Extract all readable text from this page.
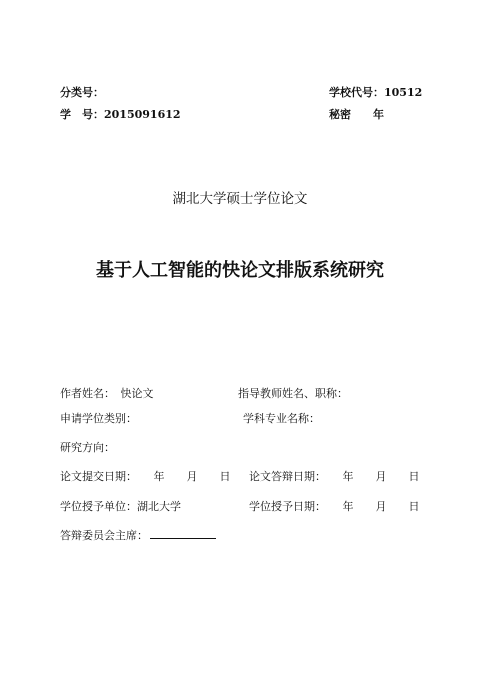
分类号：	学校代号：10512
学　号：2015091612	秘密　　年
湖北大学硕士学位论文
基于人工智能的快论文排版系统研究
作者姓名：　快论文	指导教师姓名、职称：
申请学位类别：	学科专业名称：
研究方向：
论文提交日期：　　年　　月　　日 论文答辩日期：　　年　　月　　日
学位授予单位：湖北大学	学位授予日期：　　年　　月　　日
答辩委员会主席：
